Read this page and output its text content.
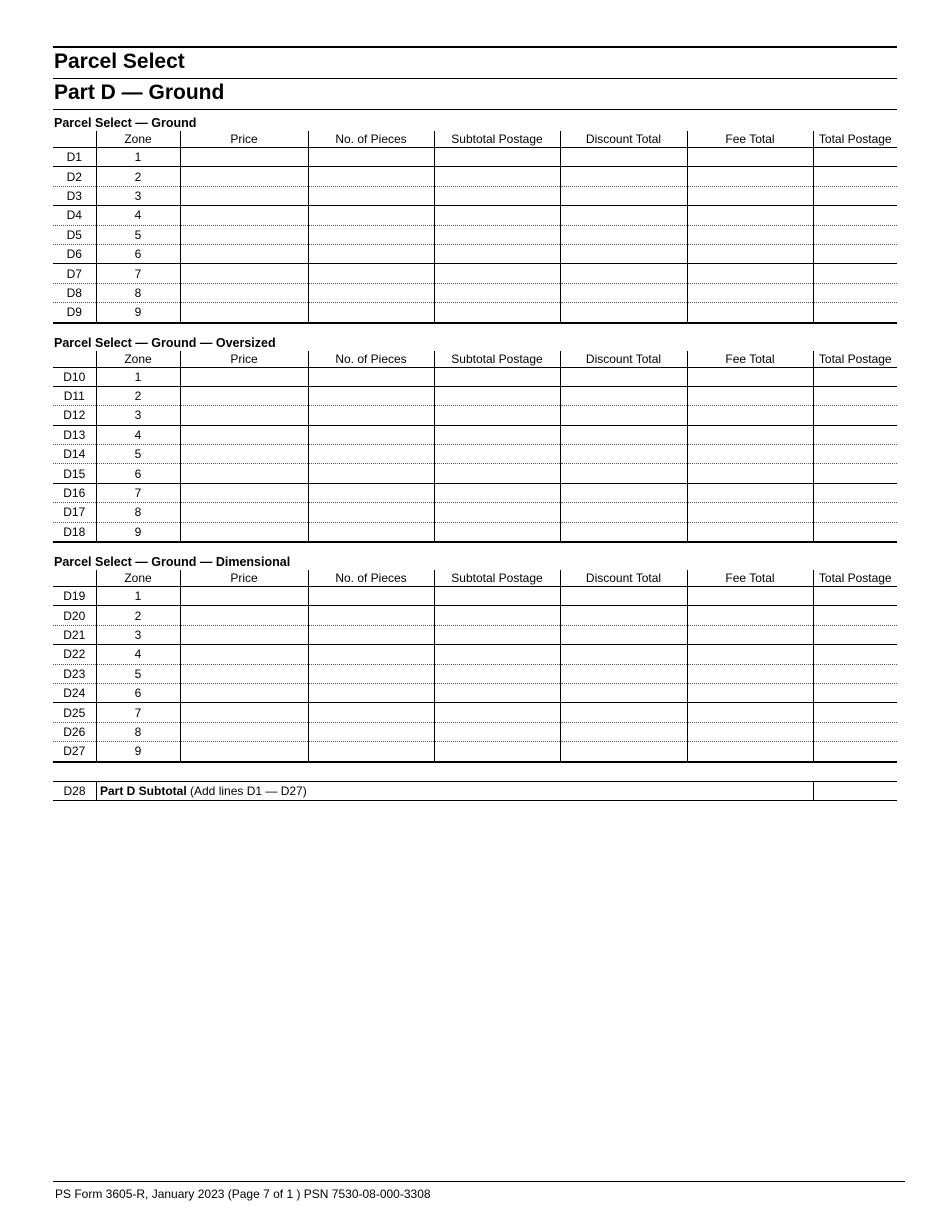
Parcel Select
Part D — Ground
Parcel Select — Ground
	Zone	Price	No. of Pieces	Subtotal Postage	Discount Total	Fee Total	Total Postage
D1	1						
D2	2						
D3	3						
D4	4						
D5	5						
D6	6						
D7	7						
D8	8						
D9	9						
Parcel Select — Ground — Oversized
	Zone	Price	No. of Pieces	Subtotal Postage	Discount Total	Fee Total	Total Postage
D10	1						
D11	2						
D12	3						
D13	4						
D14	5						
D15	6						
D16	7						
D17	8						
D18	9						
Parcel Select — Ground — Dimensional
	Zone	Price	No. of Pieces	Subtotal Postage	Discount Total	Fee Total	Total Postage
D19	1						
D20	2						
D21	3						
D22	4						
D23	5						
D24	6						
D25	7						
D26	8						
D27	9						
D28	Part D Subtotal (Add lines D1 — D27)	
PS Form 3605-R, January 2023 (Page 7 of 1 ) PSN 7530-08-000-3308
